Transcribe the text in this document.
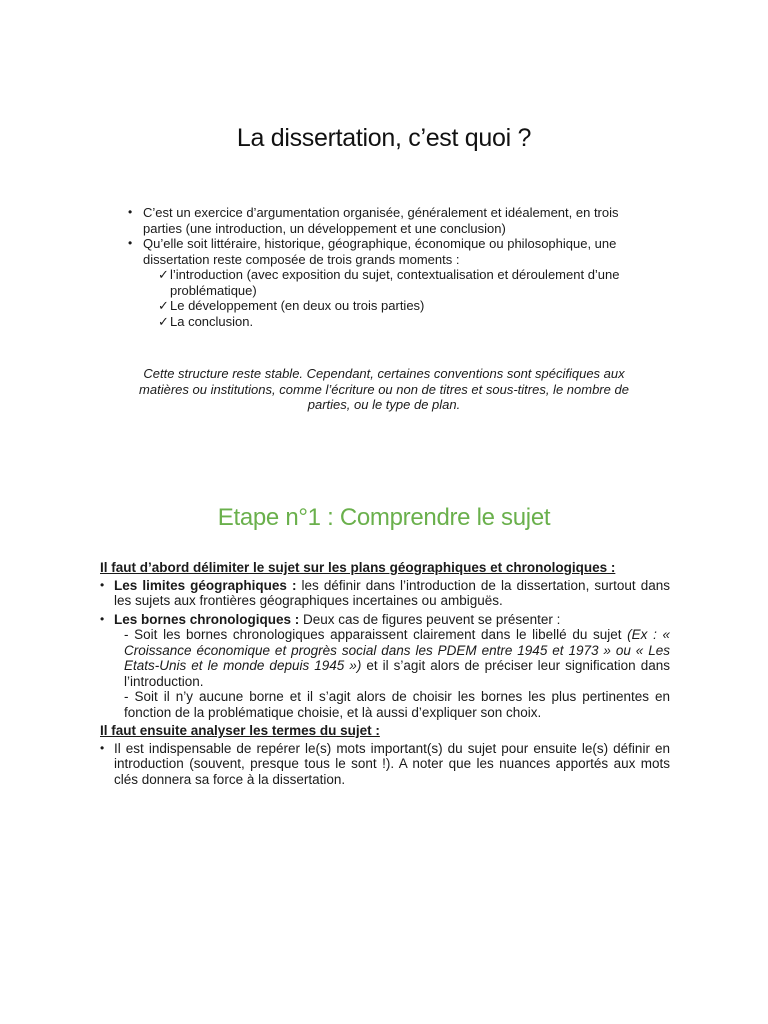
La dissertation, c’est quoi ?
• C’est un exercice d’argumentation organisée, généralement et idéalement, en trois parties (une introduction, un développement et une conclusion)
• Qu’elle soit littéraire, historique, géographique, économique ou philosophique, une dissertation reste composée de trois grands moments :
✓ l’introduction (avec exposition du sujet, contextualisation et déroulement d’une problématique)
✓ Le développement (en deux ou trois parties)
✓ La conclusion.
Cette structure reste stable. Cependant, certaines conventions sont spécifiques aux matières ou institutions, comme l’écriture ou non de titres et sous-titres, le nombre de parties, ou le type de plan.
Etape n°1 : Comprendre le sujet
Il faut d’abord délimiter le sujet sur les plans géographiques et chronologiques :
• Les limites géographiques : les définir dans l’introduction de la dissertation, surtout dans les sujets aux frontières géographiques incertaines ou ambiguës.
• Les bornes chronologiques : Deux cas de figures peuvent se présenter :
- Soit les bornes chronologiques apparaissent clairement dans le libellé du sujet (Ex : « Croissance économique et progrès social dans les PDEM entre 1945 et 1973 » ou « Les Etats-Unis et le monde depuis 1945 ») et il s’agit alors de préciser leur signification dans l’introduction.
- Soit il n’y aucune borne et il s’agit alors de choisir les bornes les plus pertinentes en fonction de la problématique choisie, et là aussi d’expliquer son choix.
Il faut ensuite analyser les termes du sujet :
• Il est indispensable de repérer le(s) mots important(s) du sujet pour ensuite le(s) définir en introduction (souvent, presque tous le sont !). A noter que les nuances apportés aux mots clés donnera sa force à la dissertation.
